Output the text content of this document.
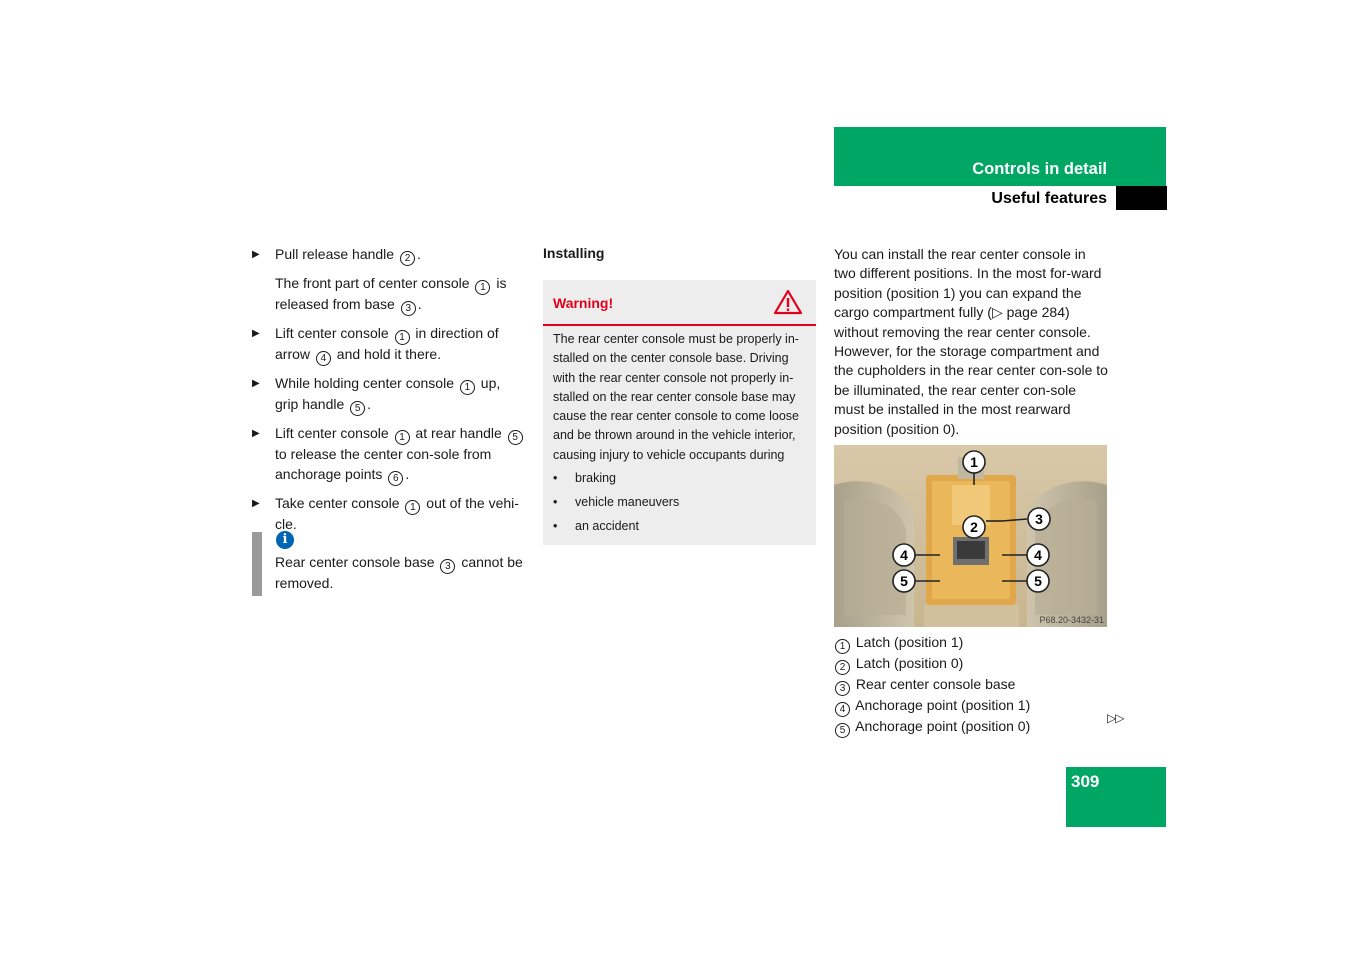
Controls in detail
Useful features
▶ Pull release handle 2 .
The front part of center console 1 is released from base 3 .
▶ Lift center console 1 in direction of arrow 4 and hold it there.
▶ While holding center console 1 up, grip handle 5 .
▶ Lift center console 1 at rear handle 5 to release the center con-sole from anchorage points 6 .
▶ Take center console 1 out of the vehi-cle.
i
Rear center console base 3 cannot be removed.
Installing
Warning!
The rear center console must be properly in-stalled on the center console base. Driving with the rear center console not properly in-stalled on the rear center console base may cause the rear center console to come loose and be thrown around in the vehicle interior, causing injury to vehicle occupants during
• braking
• vehicle maneuvers
• an accident
You can install the rear center console in two different positions. In the most for-ward position (position 1) you can expand the cargo compartment fully (▷ page 284) without removing the rear center console. However, for the storage compartment and the cupholders in the rear center con-sole to be illuminated, the rear center con-sole must be installed in the most rearward position (position 0).
1
2	3
4	4
5	5
P68.20-3432-31
1 Latch (position 1)
2 Latch (position 0)
3 Rear center console base
4 Anchorage point (position 1)
5 Anchorage point (position 0)	▷▷
309
